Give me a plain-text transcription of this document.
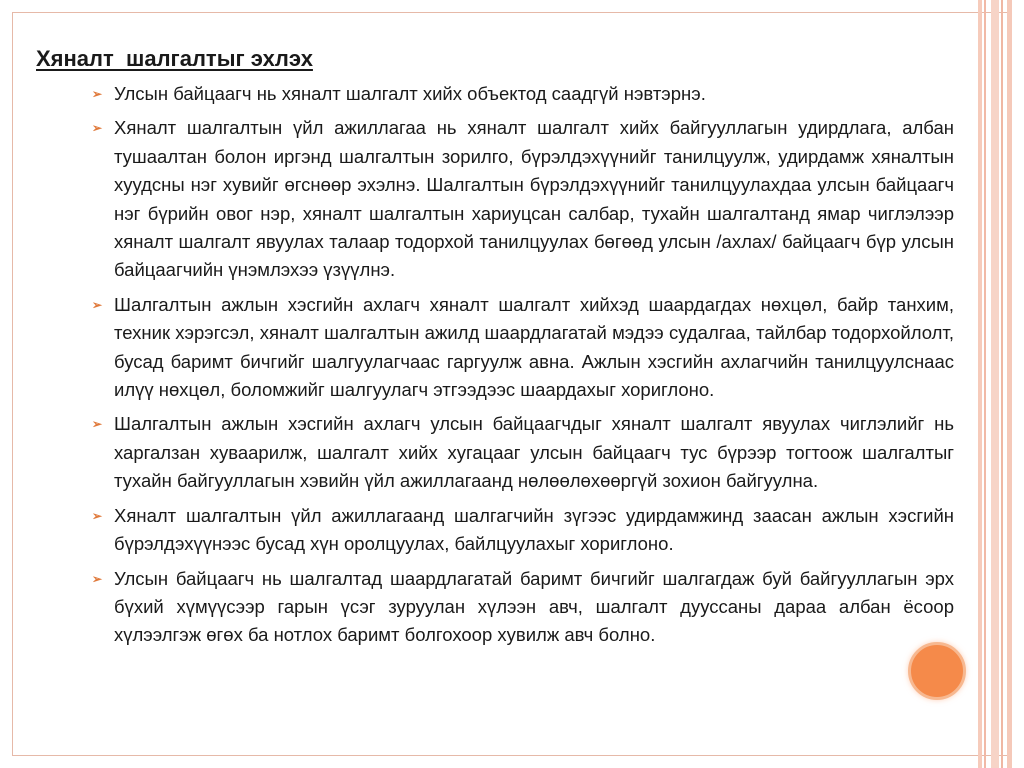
Хяналт  шалгалтыг эхлэх
➢ Улсын байцаагч нь хяналт шалгалт хийх объектод саадгүй нэвтэрнэ.
➢ Хяналт шалгалтын үйл ажиллагаа нь хяналт шалгалт хийх байгууллагын удирдлага, албан тушаалтан болон иргэнд шалгалтын зорилго, бүрэлдэхүүнийг танилцуулж, удирдамж хяналтын хуудсны нэг хувийг өгснөөр эхэлнэ. Шалгалтын бүрэлдэхүүнийг танилцуулахдаа улсын байцаагч нэг бүрийн овог нэр, хяналт шалгалтын хариуцсан салбар, тухайн шалгалтанд ямар чиглэлээр хяналт шалгалт явуулах талаар тодорхой танилцуулах бөгөөд улсын /ахлах/ байцаагч бүр улсын байцаагчийн үнэмлэхээ үзүүлнэ.
➢ Шалгалтын ажлын хэсгийн ахлагч хяналт шалгалт хийхэд шаардагдах нөхцөл, байр танхим, техник хэрэгсэл, хяналт шалгалтын ажилд шаардлагатай мэдээ судалгаа, тайлбар тодорхойлолт, бусад баримт бичгийг шалгуулагчаас гаргуулж авна. Ажлын хэсгийн ахлагчийн танилцуулснаас илүү нөхцөл, боломжийг шалгуулагч этгээдээс шаардахыг хориглоно.
➢ Шалгалтын ажлын хэсгийн ахлагч улсын байцаагчдыг хяналт шалгалт явуулах чиглэлийг нь харгалзан хуваарилж, шалгалт хийх хугацааг улсын байцаагч тус бүрээр тогтоож шалгалтыг тухайн байгууллагын хэвийн үйл ажиллагаанд нөлөөлөхөөргүй зохион байгуулна.
➢ Хяналт шалгалтын үйл ажиллагаанд шалгагчийн зүгээс удирдамжинд заасан ажлын хэсгийн бүрэлдэхүүнээс бусад хүн оролцуулах, байлцуулахыг хориглоно.
➢ Улсын байцаагч нь шалгалтад шаардлагатай баримт бичгийг шалгагдаж буй байгууллагын эрх бүхий хүмүүсээр гарын үсэг зуруулан хүлээн авч, шалгалт дууссаны дараа албан ёсоор хүлээлгэж өгөх ба нотлох баримт болгохоор хувилж авч болно.
